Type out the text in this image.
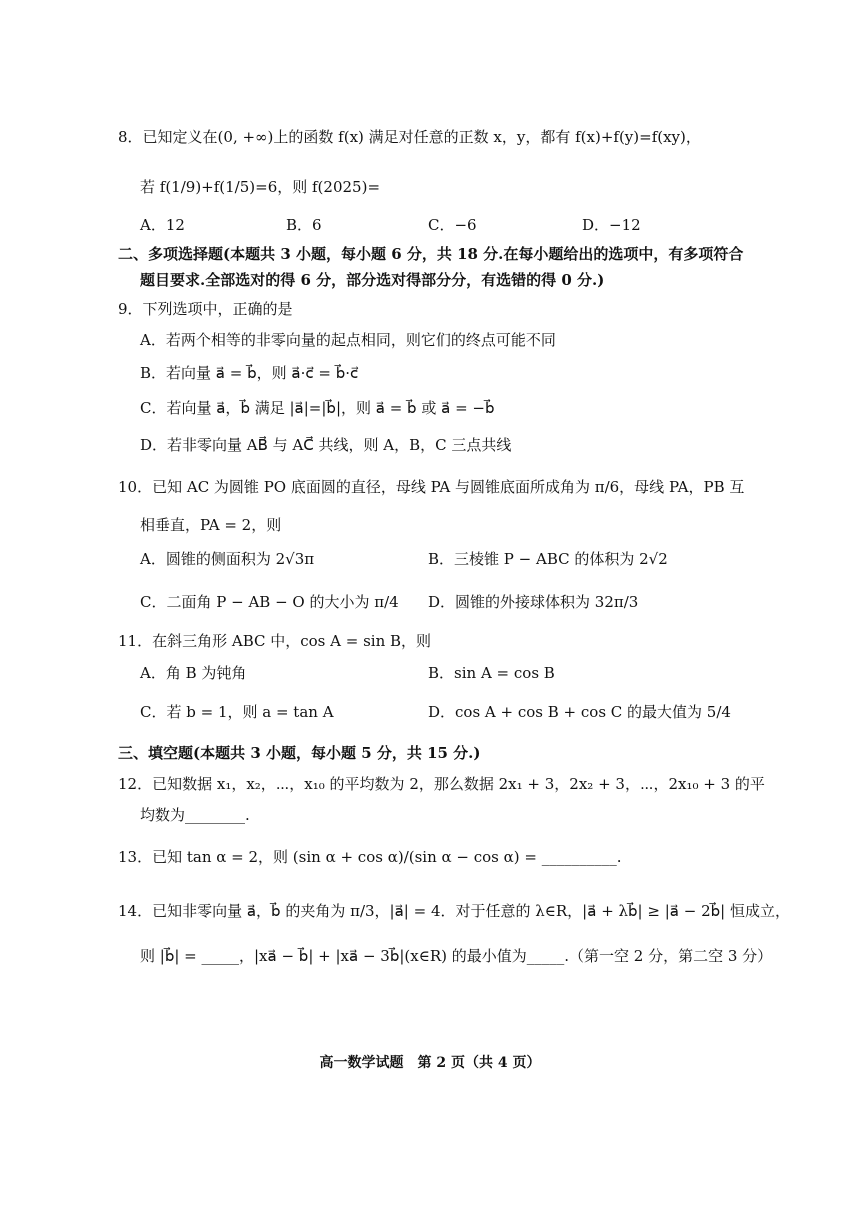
8．已知定义在(0, +∞)上的函数 f(x) 满足对任意的正数 x，y，都有 f(x)+f(y)=f(xy)，
若 f(1/9)+f(1/5)=6，则 f(2025)=
A．12	B．6	C．−6	D．−12
二、多项选择题(本题共 3 小题，每小题 6 分，共 18 分.在每小题给出的选项中，有多项符合
题目要求.全部选对的得 6 分，部分选对得部分分，有选错的得 0 分.)
9．下列选项中，正确的是
A．若两个相等的非零向量的起点相同，则它们的终点可能不同
B．若向量 a⃗ = b⃗，则 a⃗·c⃗ = b⃗·c⃗
C．若向量 a⃗，b⃗ 满足 |a⃗|=|b⃗|，则 a⃗ = b⃗ 或 a⃗ = −b⃗
D．若非零向量 AB⃗ 与 AC⃗ 共线，则 A，B，C 三点共线
10．已知 AC 为圆锥 PO 底面圆的直径，母线 PA 与圆锥底面所成角为 π/6，母线 PA，PB 互
相垂直，PA = 2，则
A．圆锥的侧面积为 2√3π	B．三棱锥 P − ABC 的体积为 2√2
C．二面角 P − AB − O 的大小为 π/4 D．圆锥的外接球体积为 32π/3
11．在斜三角形 ABC 中，cos A = sin B，则
A．角 B 为钝角	B．sin A = cos B
C．若 b = 1，则 a = tan A	D．cos A + cos B + cos C 的最大值为 5/4
三、填空题(本题共 3 小题，每小题 5 分，共 15 分.)
12．已知数据 x₁，x₂，⋯，x₁₀ 的平均数为 2，那么数据 2x₁ + 3，2x₂ + 3，⋯，2x₁₀ + 3 的平
均数为________.
13．已知 tan α = 2，则 (sin α + cos α)/(sin α − cos α) = __________.
14．已知非零向量 a⃗，b⃗ 的夹角为 π/3，|a⃗| = 4．对于任意的 λ∈R，|a⃗ + λb⃗| ≥ |a⃗ − 2b⃗| 恒成立，
则 |b⃗| = _____，|xa⃗ − b⃗| + |xa⃗ − 3b⃗|(x∈R) 的最小值为_____.（第一空 2 分，第二空 3 分）
高一数学试题　第 2 页（共 4 页）
